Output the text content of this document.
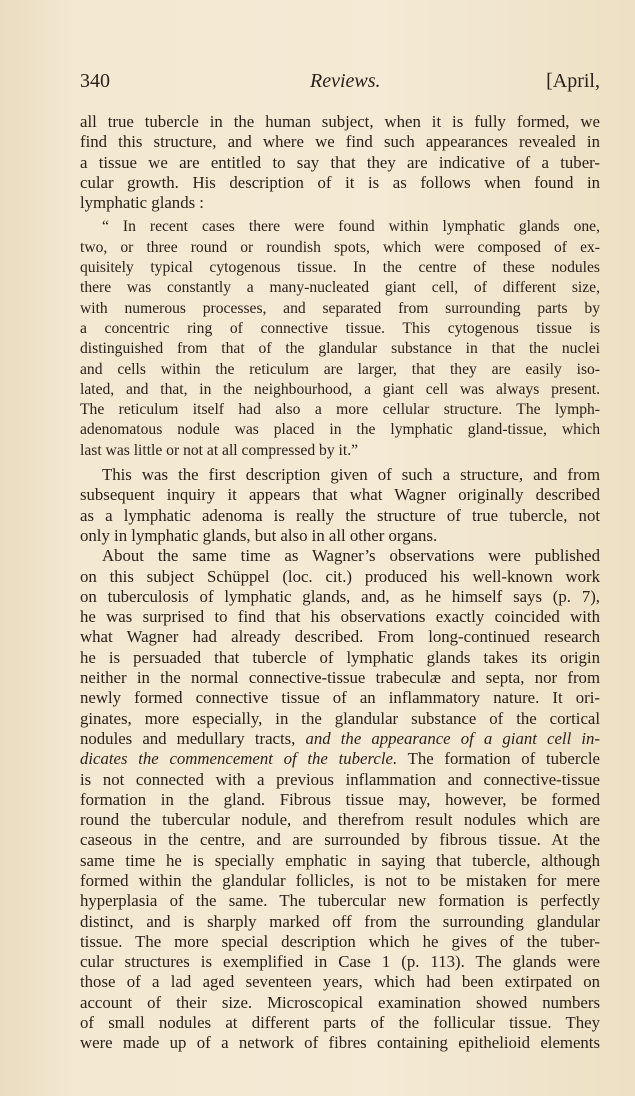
340	Reviews.	[April,
all true tubercle in the human subject, when it is fully formed, we
find this structure, and where we find such appearances revealed in
a tissue we are entitled to say that they are indicative of a tuber-
cular growth. His description of it is as follows when found in
lymphatic glands :
“ In recent cases there were found within lymphatic glands one,
two, or three round or roundish spots, which were composed of ex-
quisitely typical cytogenous tissue. In the centre of these nodules
there was constantly a many-nucleated giant cell, of different size,
with numerous processes, and separated from surrounding parts by
a concentric ring of connective tissue. This cytogenous tissue is
distinguished from that of the glandular substance in that the nuclei
and cells within the reticulum are larger, that they are easily iso-
lated, and that, in the neighbourhood, a giant cell was always present.
The reticulum itself had also a more cellular structure. The lymph-
adenomatous nodule was placed in the lymphatic gland-tissue, which
last was little or not at all compressed by it.”
This was the first description given of such a structure, and from
subsequent inquiry it appears that what Wagner originally described
as a lymphatic adenoma is really the structure of true tubercle, not
only in lymphatic glands, but also in all other organs.
About the same time as Wagner’s observations were published
on this subject Schüppel (loc. cit.) produced his well-known work
on tuberculosis of lymphatic glands, and, as he himself says (p. 7),
he was surprised to find that his observations exactly coincided with
what Wagner had already described. From long-continued research
he is persuaded that tubercle of lymphatic glands takes its origin
neither in the normal connective-tissue trabeculæ and septa, nor from
newly formed connective tissue of an inflammatory nature. It ori-
ginates, more especially, in the glandular substance of the cortical
nodules and medullary tracts, and the appearance of a giant cell in-
dicates the commencement of the tubercle. The formation of tubercle
is not connected with a previous inflammation and connective-tissue
formation in the gland. Fibrous tissue may, however, be formed
round the tubercular nodule, and therefrom result nodules which are
caseous in the centre, and are surrounded by fibrous tissue. At the
same time he is specially emphatic in saying that tubercle, although
formed within the glandular follicles, is not to be mistaken for mere
hyperplasia of the same. The tubercular new formation is perfectly
distinct, and is sharply marked off from the surrounding glandular
tissue. The more special description which he gives of the tuber-
cular structures is exemplified in Case 1 (p. 113). The glands were
those of a lad aged seventeen years, which had been extirpated on
account of their size. Microscopical examination showed numbers
of small nodules at different parts of the follicular tissue. They
were made up of a network of fibres containing epithelioid elements
